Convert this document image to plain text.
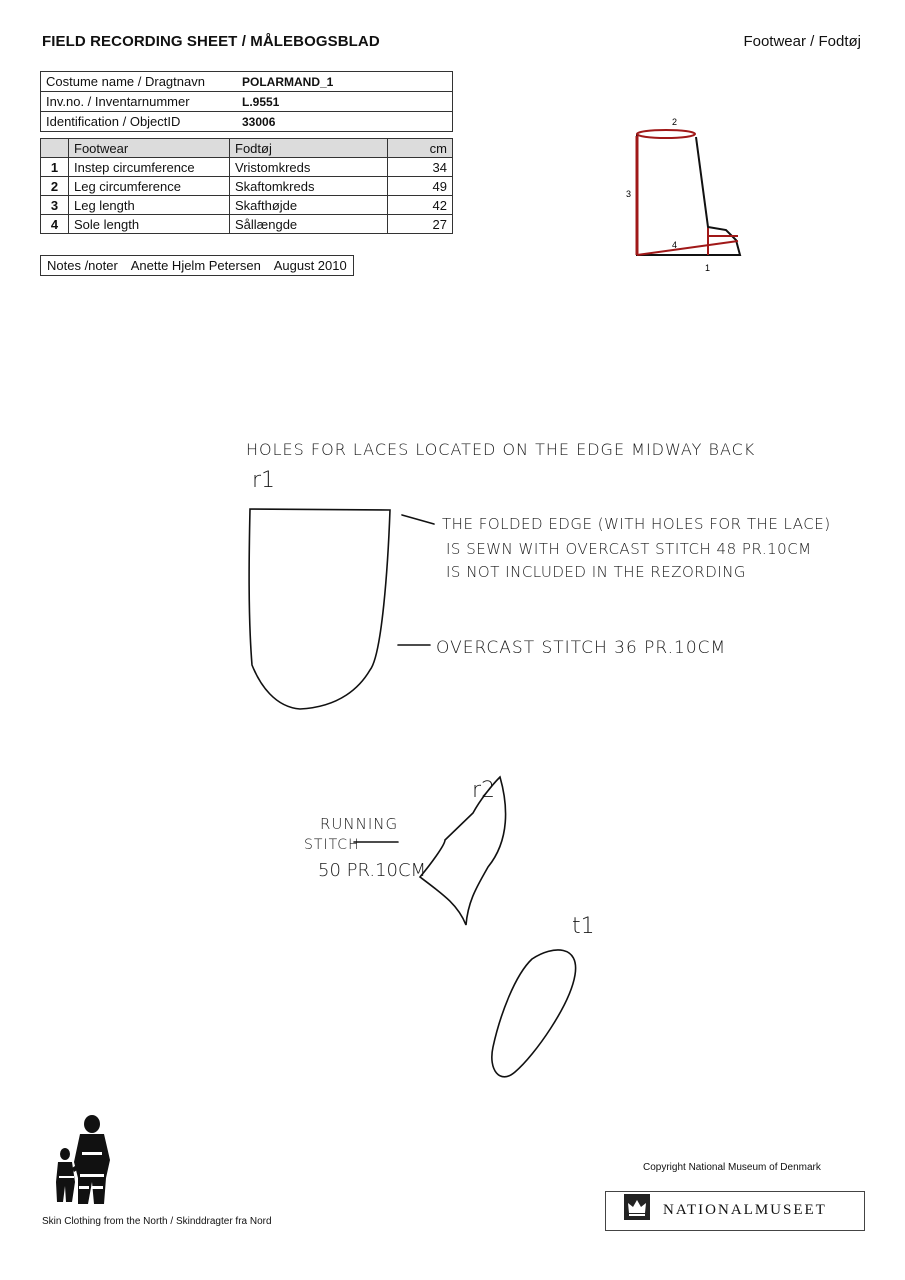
FIELD RECORDING SHEET / MÅLEBOGSBLAD	Footwear / Fodtøj
Costume name / Dragtnavn	POLARMAND_1
Inv.no. / Inventarnummer	L.9551
Identification / ObjectID	33006
	Footwear	Fodtøj	cm
1	Instep circumference	Vristomkreds	34
2	Leg circumference	Skaftomkreds	49
3	Leg length	Skafthøjde	42
4	Sole length	Sållængde	27
Notes /noter Anette Hjelm Petersen August 2010
2
3
4
1
HOLES FOR LACES LOCATED ON THE EDGE MIDWAY BACK
r1
THE FOLDED EDGE (WITH HOLES FOR THE LACE)
IS SEWN WITH OVERCAST STITCH 48 PR.10CM
IS NOT INCLUDED IN THE REZORDING
OVERCAST STITCH 36 PR.10CM
r2
RUNNING
STITCH
50 PR.10CM
t1
Skin Clothing from the North / Skinddragter fra Nord
Copyright National Museum of Denmark
NATIONALMUSEET
